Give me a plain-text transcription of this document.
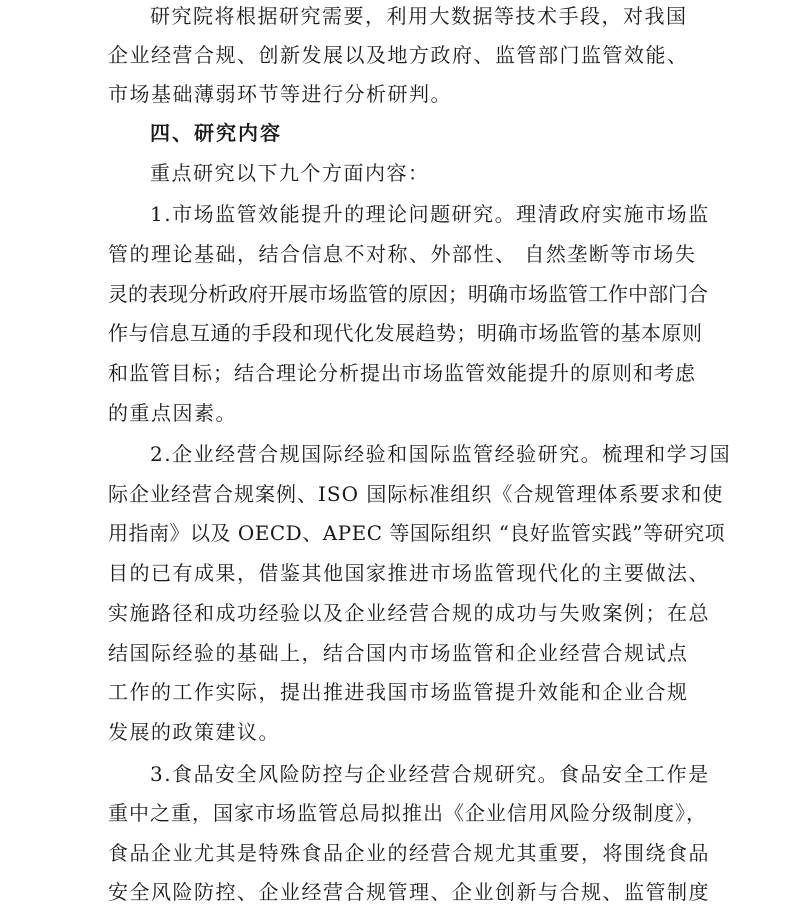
研究院将根据研究需要，利用大数据等技术手段，对我国
企业经营合规、创新发展以及地方政府、监管部门监管效能、
市场基础薄弱环节等进行分析研判。
四、研究内容
重点研究以下九个方面内容：
1.市场监管效能提升的理论问题研究。理清政府实施市场监
管的理论基础，结合信息不对称、外部性、 自然垄断等市场失
灵的表现分析政府开展市场监管的原因；明确市场监管工作中部门合
作与信息互通的手段和现代化发展趋势；明确市场监管的基本原则
和监管目标；结合理论分析提出市场监管效能提升的原则和考虑
的重点因素。
2.企业经营合规国际经验和国际监管经验研究。梳理和学习国
际企业经营合规案例、ISO 国际标准组织《合规管理体系要求和使
用指南》以及 OECD、APEC 等国际组织 “良好监管实践”等研究项
目的已有成果，借鉴其他国家推进市场监管现代化的主要做法、
实施路径和成功经验以及企业经营合规的成功与失败案例；在总
结国际经验的基础上，结合国内市场监管和企业经营合规试点
工作的工作实际，提出推进我国市场监管提升效能和企业合规
发展的政策建议。
3.食品安全风险防控与企业经营合规研究。食品安全工作是
重中之重，国家市场监管总局拟推出《企业信用风险分级制度》，
食品企业尤其是特殊食品企业的经营合规尤其重要，将围绕食品
安全风险防控、企业经营合规管理、企业创新与合规、监管制度
